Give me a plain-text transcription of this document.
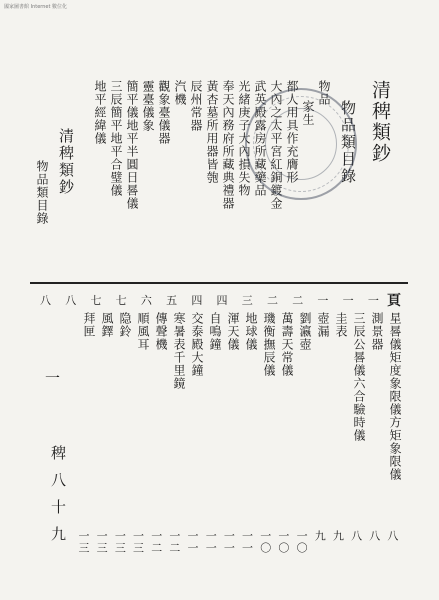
國家圖書館 Internet 數位化
清稗類鈔
物品類目錄
物品
家生
都人用具作充膺形
大內之太平宮紅銅鍍金
武英殿露房所藏藥品
光緒庚子大內損失物
奉天內務府所藏典禮器
黃杏墓所用器皆匏
辰州常器
汽機
觀象臺儀器
靈臺儀象
簡平儀地平半圓日晷儀
三辰簡平地平合璧儀
地平經緯儀
清稗類鈔
物品類目錄
頁
一
一
一
二
二
三
四
四
五
六
七
七
八
八
星晷儀矩度象限儀方矩象限儀
測景器
三辰公晷儀六合驗時儀
圭表
壺漏
劉瀛壺
萬壽天常儀
璣衡撫辰儀
地球儀
渾天儀
自鳴鐘
交泰殿大鐘
寒暑表千里鏡
傳聲機
順風耳
隐鈴
風鐸
拜匣
八
八
八
九
九
一〇
一〇
一〇
一一
一一
一一
一一
一二
一二
一三
一三
一三
一三
一
稗八十九
